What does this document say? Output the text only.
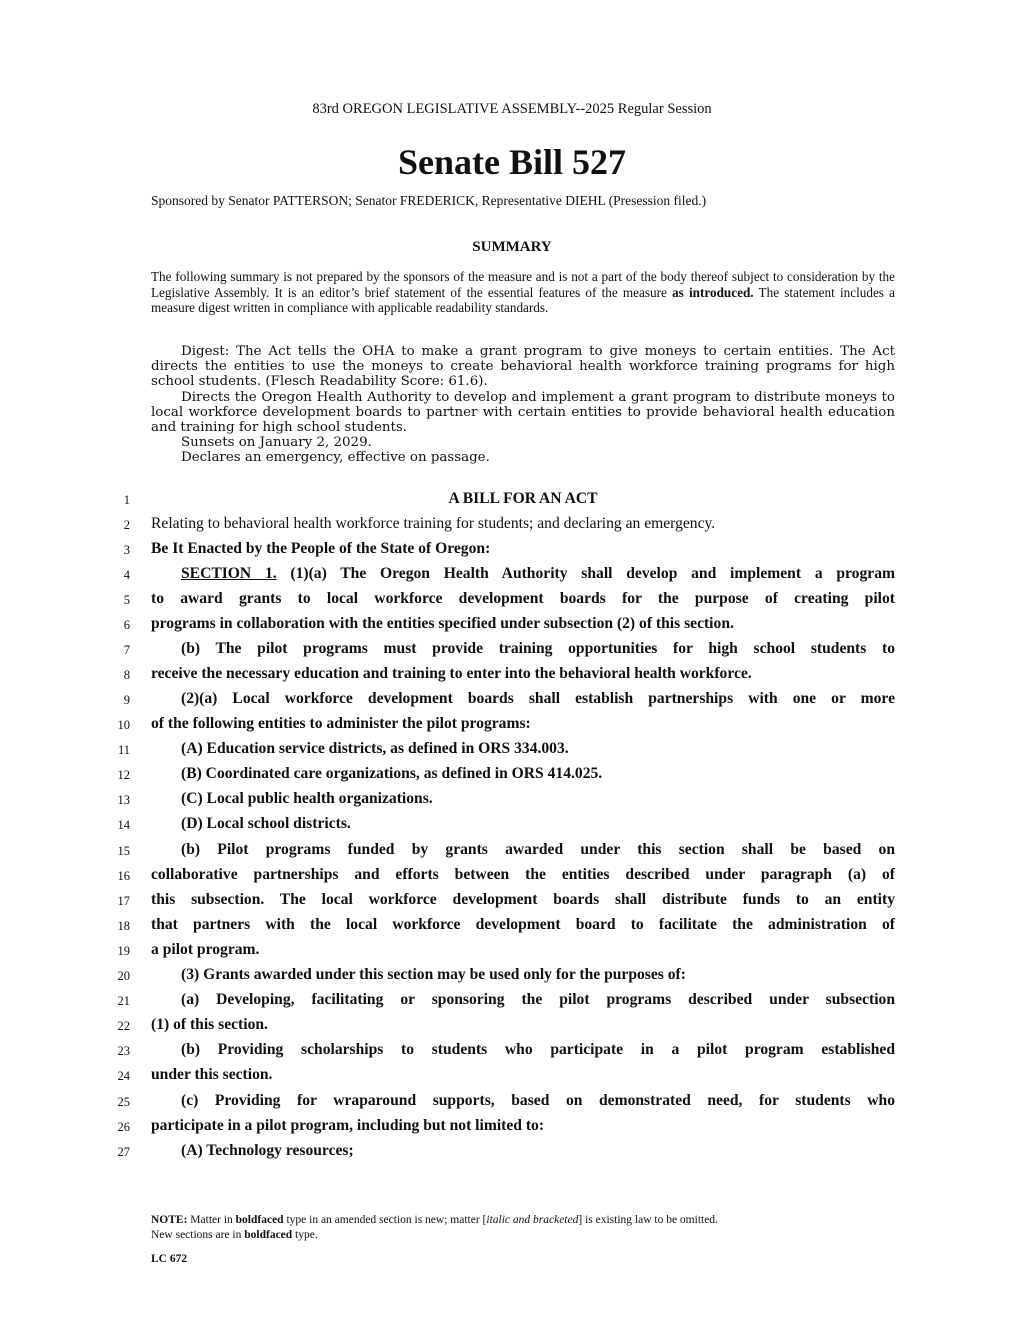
83rd OREGON LEGISLATIVE ASSEMBLY--2025 Regular Session
Senate Bill 527
Sponsored by Senator PATTERSON; Senator FREDERICK, Representative DIEHL (Presession filed.)
SUMMARY
The following summary is not prepared by the sponsors of the measure and is not a part of the body thereof subject to consideration by the Legislative Assembly. It is an editor’s brief statement of the essential features of the measure as introduced. The statement includes a measure digest written in compliance with applicable readability standards.

Digest: The Act tells the OHA to make a grant program to give moneys to certain entities. The Act directs the entities to use the moneys to create behavioral health workforce training programs for high school students. (Flesch Readability Score: 61.6).

Directs the Oregon Health Authority to develop and implement a grant program to distribute moneys to local workforce development boards to partner with certain entities to provide behavioral health education and training for high school students.

Sunsets on January 2, 2029.

Declares an emergency, effective on passage.

1
2
3
4
5
6
7
8
9
10
11
12
13
14
15
16
17
18
19
20
21
22
23
24
25
26
27
A BILL FOR AN ACT
Relating to behavioral health workforce training for students; and declaring an emergency.
Be It Enacted by the People of the State of Oregon:
SECTION 1. (1)(a) The Oregon Health Authority shall develop and implement a program
to award grants to local workforce development boards for the purpose of creating pilot
programs in collaboration with the entities specified under subsection (2) of this section.
(b) The pilot programs must provide training opportunities for high school students to
receive the necessary education and training to enter into the behavioral health workforce.
(2)(a) Local workforce development boards shall establish partnerships with one or more
of the following entities to administer the pilot programs:
(A) Education service districts, as defined in ORS 334.003.
(B) Coordinated care organizations, as defined in ORS 414.025.
(C) Local public health organizations.
(D) Local school districts.
(b) Pilot programs funded by grants awarded under this section shall be based on
collaborative partnerships and efforts between the entities described under paragraph (a) of
this subsection. The local workforce development boards shall distribute funds to an entity
that partners with the local workforce development board to facilitate the administration of
a pilot program.
(3) Grants awarded under this section may be used only for the purposes of:
(a) Developing, facilitating or sponsoring the pilot programs described under subsection
(1) of this section.
(b) Providing scholarships to students who participate in a pilot program established
under this section.
(c) Providing for wraparound supports, based on demonstrated need, for students who
participate in a pilot program, including but not limited to:
(A) Technology resources;
NOTE: Matter in boldfaced type in an amended section is new; matter [italic and bracketed] is existing law to be omitted.
New sections are in boldfaced type.
LC 672
